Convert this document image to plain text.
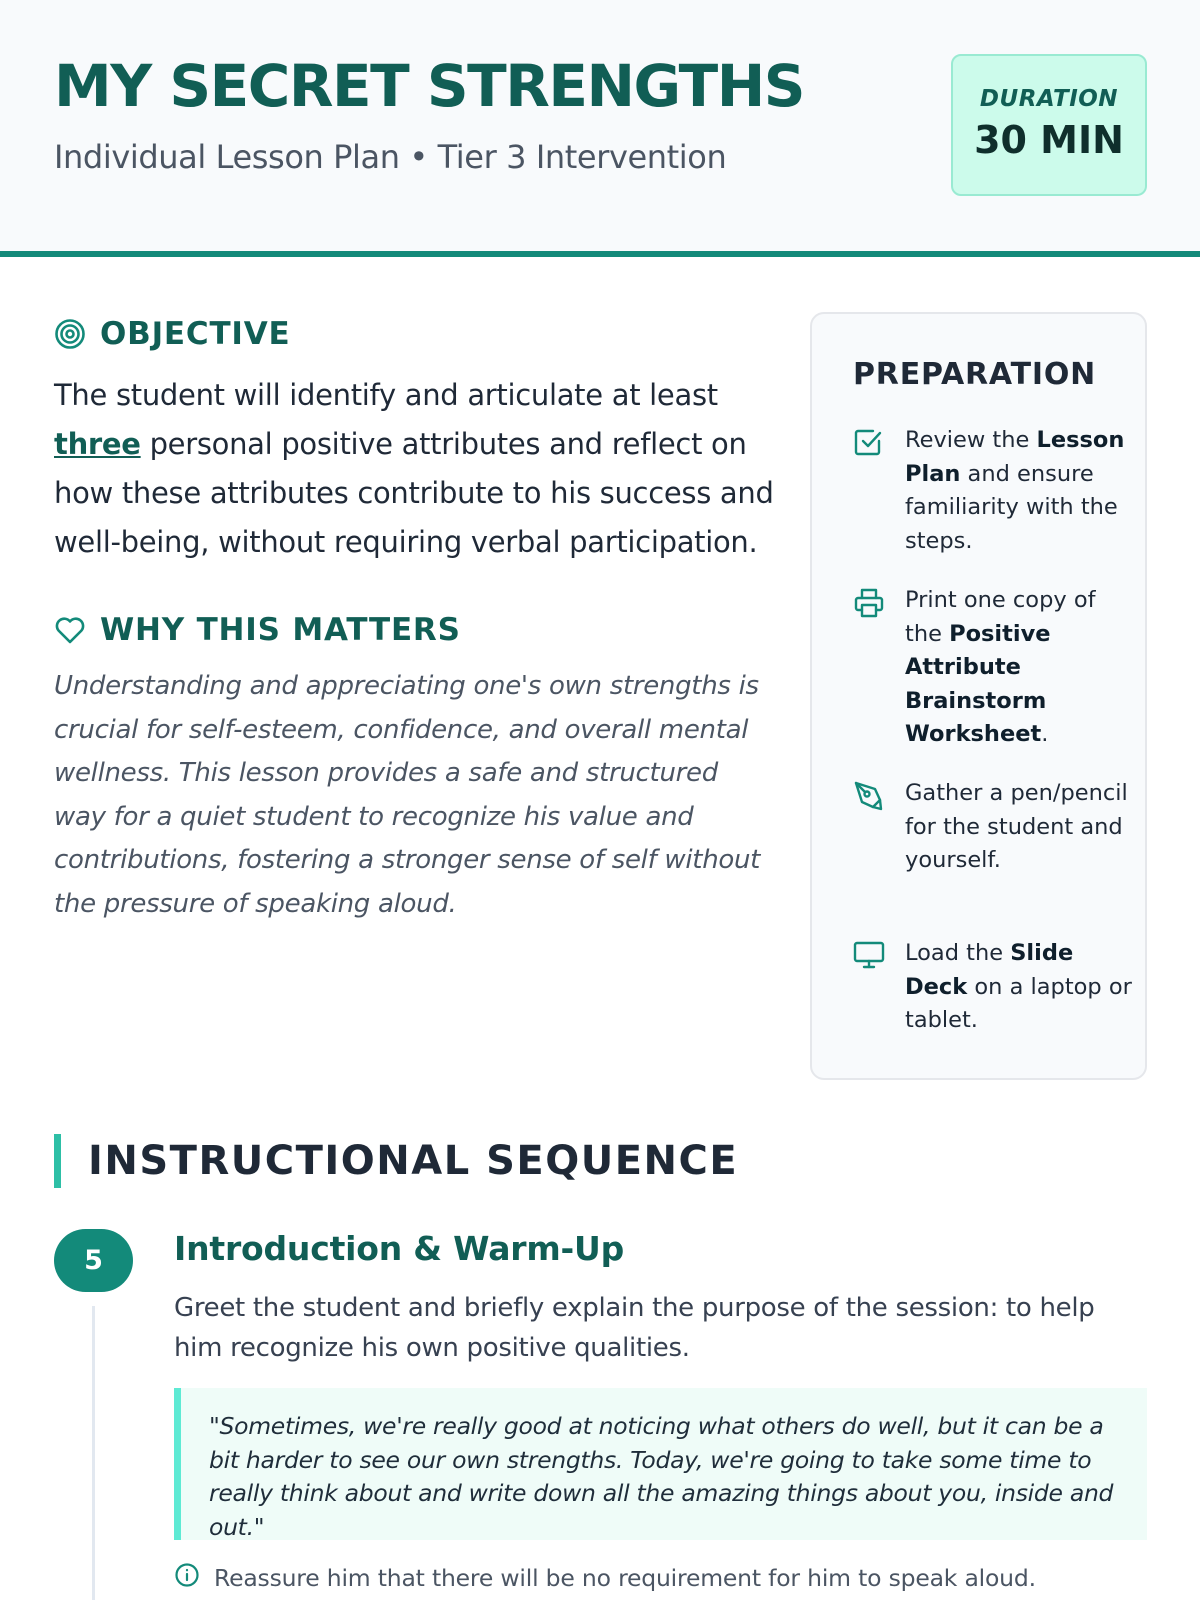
MY SECRET STRENGTHS
Individual Lesson Plan • Tier 3 Intervention
DURATION
30 MIN
OBJECTIVE

The student will identify and articulate at least three personal positive attributes and reflect on how these attributes contribute to his success and well-being, without requiring verbal participation.

WHY THIS MATTERS

Understanding and appreciating one's own strengths is crucial for self-esteem, confidence, and overall mental wellness. This lesson provides a safe and structured way for a quiet student to recognize his value and contributions, fostering a stronger sense of self without the pressure of speaking aloud.

PREPARATION
Review the Lesson Plan and ensure familiarity with the steps.
Print one copy of the Positive Attribute Brainstorm Worksheet.
Gather a pen/pencil for the student and yourself.
Load the Slide Deck on a laptop or tablet.
INSTRUCTIONAL SEQUENCE
5	Introduction & Warm-Up

Greet the student and briefly explain the purpose of the session: to help him recognize his own positive qualities.

"Sometimes, we're really good at noticing what others do well, but it can be a bit harder to see our own strengths. Today, we're going to take some time to really think about and write down all the amazing things about you, inside and out."
Reassure him that there will be no requirement for him to speak aloud.
